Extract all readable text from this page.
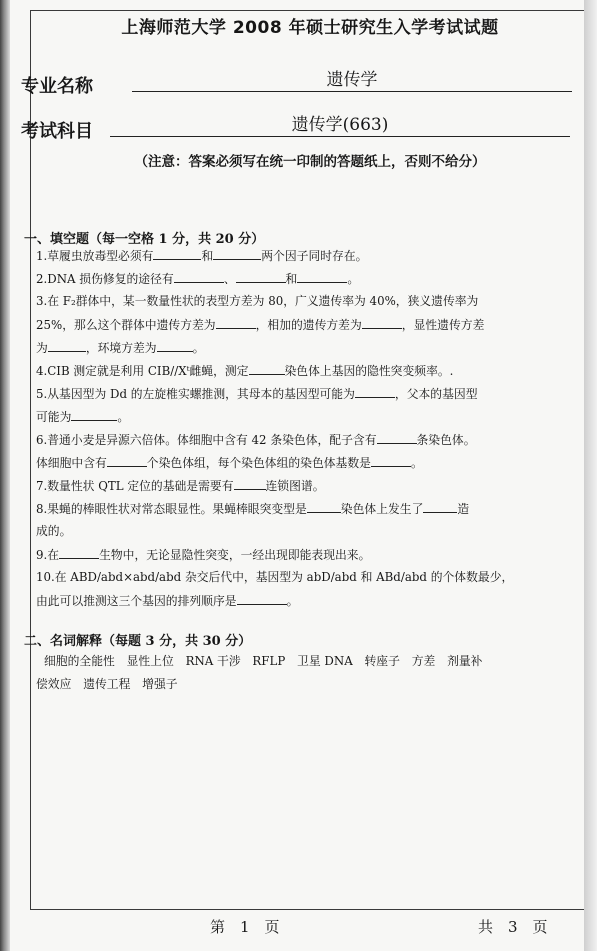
上海师范大学 2008 年硕士研究生入学考试试题
专业名称	遗传学
考试科目	遗传学(663)
（注意：答案必须写在统一印制的答题纸上，否则不给分）
一、填空题（每一空格 1 分，共 20 分）
1.草履虫放毒型必须有	和	两个因子同时存在。
2.DNA 损伤修复的途径有	、	和	。
3.在 F₂群体中，某一数量性状的表型方差为 80，广义遗传率为 40%，狭义遗传率为
25%，那么这个群体中遗传方差为	，相加的遗传方差为	，显性遗传方差
为	，环境方差为	。
4.CIB 测定就是利用 CIB//Xᵗ雌蝇，测定	染色体上基因的隐性突变频率。.
5.从基因型为 Dd 的左旋椎实螺推测，其母本的基因型可能为	，父本的基因型
可能为	。
6.普通小麦是异源六倍体。体细胞中含有 42 条染色体，配子含有	条染色体。
体细胞中含有	个染色体组，每个染色体组的染色体基数是	。
7.数量性状 QTL 定位的基础是需要有	连锁图谱。
8.果蝇的棒眼性状对常态眼显性。果蝇棒眼突变型是	染色体上发生了	造
成的。
9.在	生物中，无论显隐性突变，一经出现即能表现出来。
10.在 ABD/abd×abd/abd 杂交后代中，基因型为 abD/abd 和 ABd/abd 的个体数最少，
由此可以推测这三个基因的排列顺序是	。
二、名词解释（每题 3 分，共 30 分）
细胞的全能性　显性上位　RNA 干涉　RFLP　卫星 DNA　转座子　方差　剂量补
偿效应　遗传工程　增强子
第　1　页	共　3　页
